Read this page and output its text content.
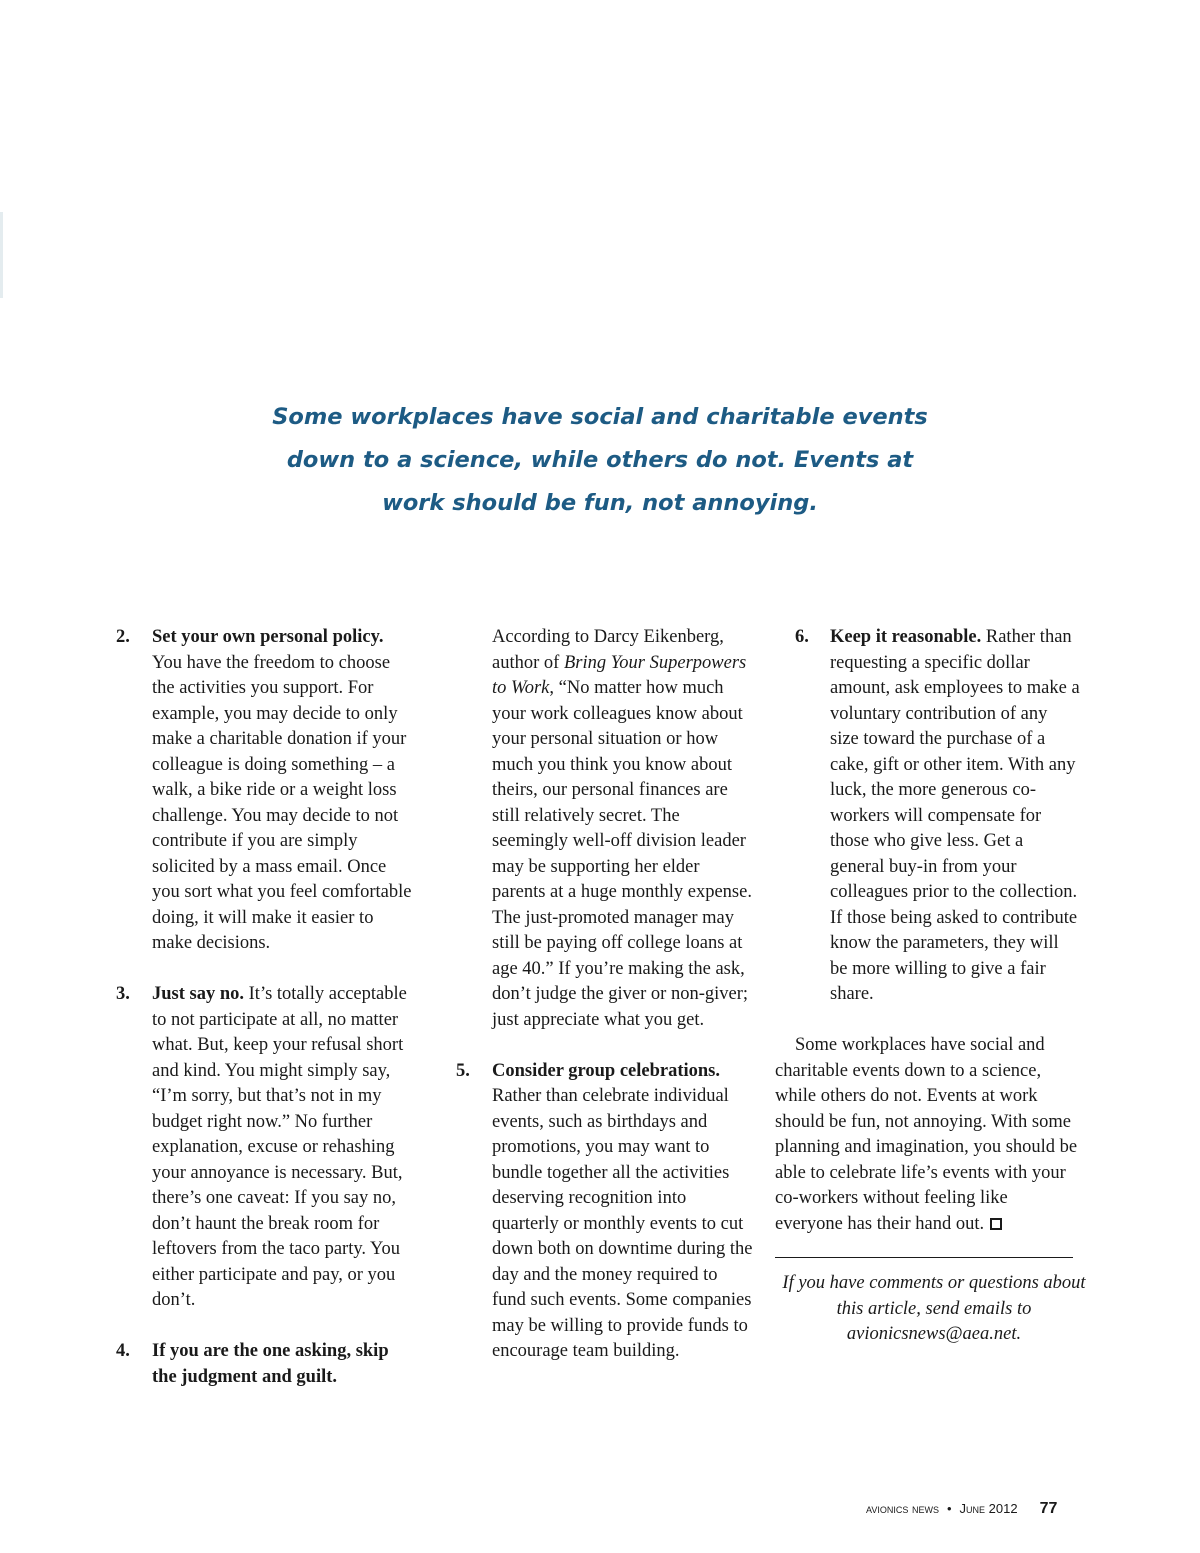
Some workplaces have social and charitable events
down to a science, while others do not. Events at
work should be fun, not annoying.
2. Set your own personal policy.
You have the freedom to choose the activities you support. For example, you may decide to only make a charitable donation if your colleague is doing something – a walk, a bike ride or a weight loss challenge. You may decide to not contribute if you are simply solicited by a mass email. Once you sort what you feel comfortable doing, it will make it easier to make decisions.
3. Just say no. It’s totally acceptable to not participate at all, no matter what. But, keep your refusal short and kind. You might simply say, “I’m sorry, but that’s not in my budget right now.” No further explanation, excuse or rehashing your annoyance is necessary. But, there’s one caveat: If you say no, don’t haunt the break room for leftovers from the taco party. You either participate and pay, or you don’t.
4. If you are the one asking, skip the judgment and guilt.
According to Darcy Eikenberg, author of Bring Your Superpowers to Work, “No matter how much your work colleagues know about your personal situation or how much you think you know about theirs, our personal finances are still relatively secret. The seemingly well-off division leader may be supporting her elder parents at a huge monthly expense. The just-promoted manager may still be paying off college loans at age 40.” If you’re making the ask, don’t judge the giver or non-giver; just appreciate what you get.
5. Consider group celebrations. Rather than celebrate individual events, such as birthdays and promotions, you may want to bundle together all the activities deserving recognition into quarterly or monthly events to cut down both on downtime during the day and the money required to fund such events. Some companies may be willing to provide funds to encourage team building.
6. Keep it reasonable. Rather than requesting a specific dollar amount, ask employees to make a voluntary contribution of any size toward the purchase of a cake, gift or other item. With any luck, the more generous co-workers will compensate for those who give less. Get a general buy-in from your colleagues prior to the collection. If those being asked to contribute know the parameters, they will be more willing to give a fair share.
Some workplaces have social and charitable events down to a science, while others do not. Events at work should be fun, not annoying. With some planning and imagination, you should be able to celebrate life’s events with your co-workers without feeling like everyone has their hand out.
If you have comments or questions about this article, send emails to avionicsnews@aea.net.
avionics news • June 2012 77
